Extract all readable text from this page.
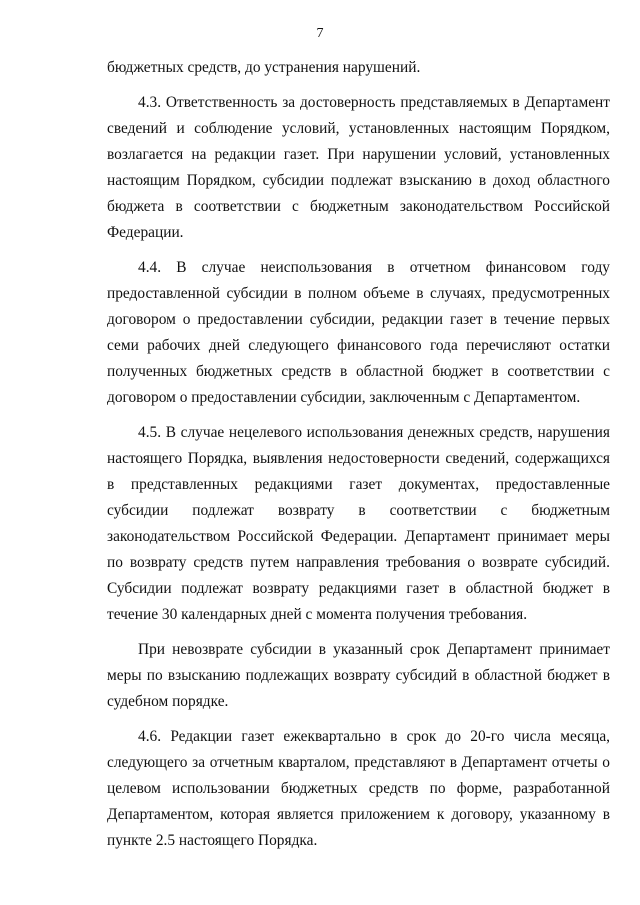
7

бюджетных средств, до устранения нарушений.

4.3. Ответственность за достоверность представляемых в Департамент сведений и соблюдение условий, установленных настоящим Порядком, возлагается на редакции газет. При нарушении условий, установленных настоящим Порядком, субсидии подлежат взысканию в доход областного бюджета в соответствии с бюджетным законодательством Российской Федерации.

4.4. В случае неиспользования в отчетном финансовом году предоставленной субсидии в полном объеме в случаях, предусмотренных договором о предоставлении субсидии, редакции газет в течение первых семи рабочих дней следующего финансового года перечисляют остатки полученных бюджетных средств в областной бюджет в соответствии с договором о предоставлении субсидии, заключенным с Департаментом.

4.5. В случае нецелевого использования денежных средств, нарушения настоящего Порядка, выявления недостоверности сведений, содержащихся в представленных редакциями газет документах, предоставленные субсидии подлежат возврату в соответствии с бюджетным законодательством Российской Федерации. Департамент принимает меры по возврату средств путем направления требования о возврате субсидий. Субсидии подлежат возврату редакциями газет в областной бюджет в течение 30 календарных дней с момента получения требования.

При невозврате субсидии в указанный срок Департамент принимает меры по взысканию подлежащих возврату субсидий в областной бюджет в судебном порядке.

4.6. Редакции газет ежеквартально в срок до 20-го числа месяца, следующего за отчетным кварталом, представляют в Департамент отчеты о целевом использовании бюджетных средств по форме, разработанной Департаментом, которая является приложением к договору, указанному в пункте 2.5 настоящего Порядка.
